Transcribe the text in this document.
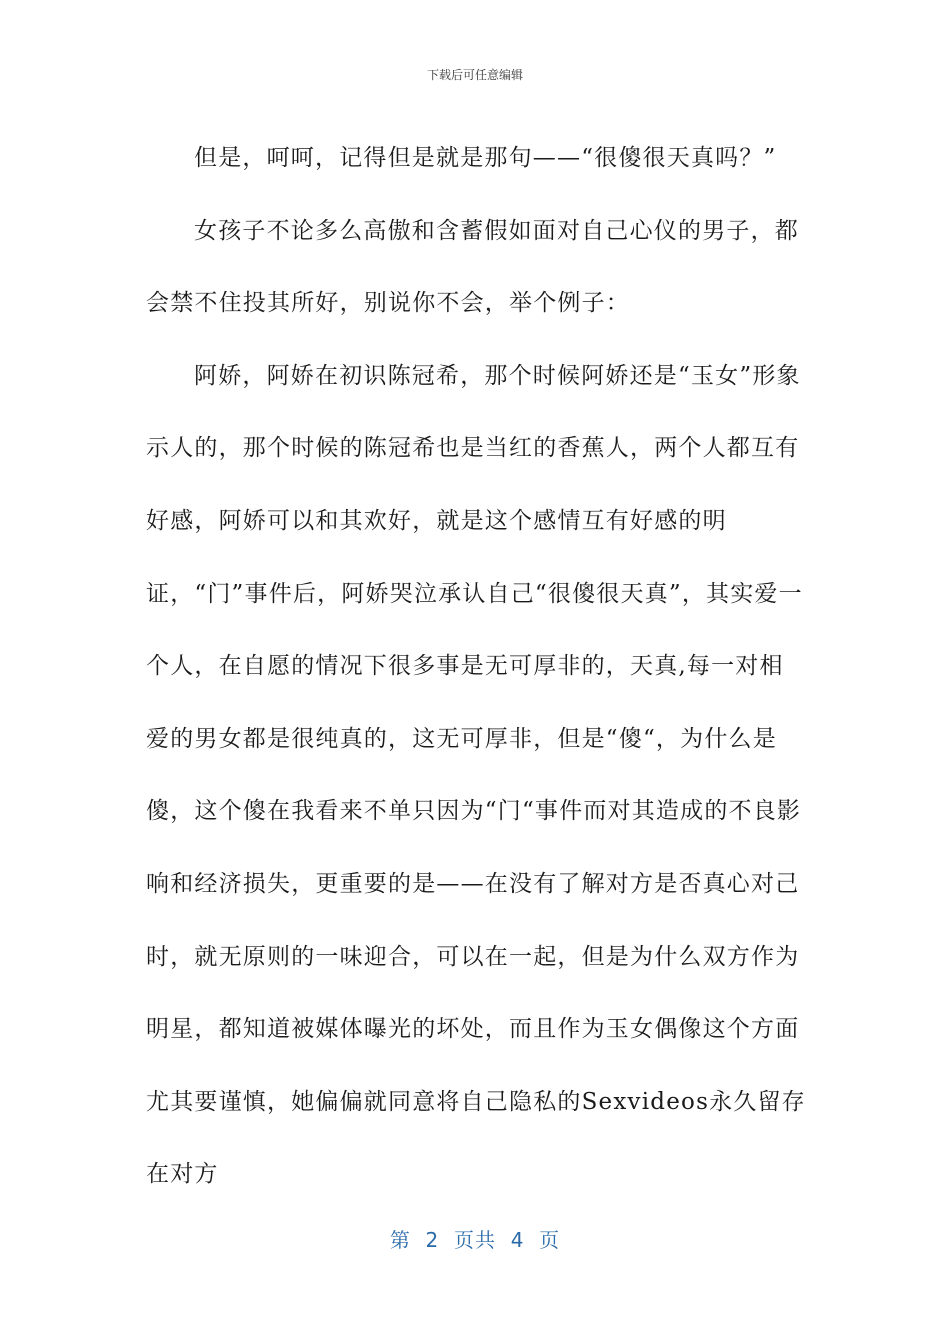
下载后可任意编辑

但是，呵呵，记得但是就是那句——“很傻很天真吗？”

女孩子不论多么高傲和含蓄假如面对自己心仪的男子，都会禁不住投其所好，别说你不会，举个例子：

阿娇，阿娇在初识陈冠希，那个时候阿娇还是“玉女”形象示人的，那个时候的陈冠希也是当红的香蕉人，两个人都互有好感，阿娇可以和其欢好，就是这个感情互有好感的明证，“门”事件后，阿娇哭泣承认自己“很傻很天真”，其实爱一个人，在自愿的情况下很多事是无可厚非的，天真,每一对相爱的男女都是很纯真的，这无可厚非，但是“傻“，为什么是傻，这个傻在我看来不单只因为“门“事件而对其造成的不良影响和经济损失，更重要的是——在没有了解对方是否真心对己时，就无原则的一味迎合，可以在一起，但是为什么双方作为明星，都知道被媒体曝光的坏处，而且作为玉女偶像这个方面尤其要谨慎，她偏偏就同意将自己隐私的Sexvideos永久留存在对方

第  2  页共  4  页
